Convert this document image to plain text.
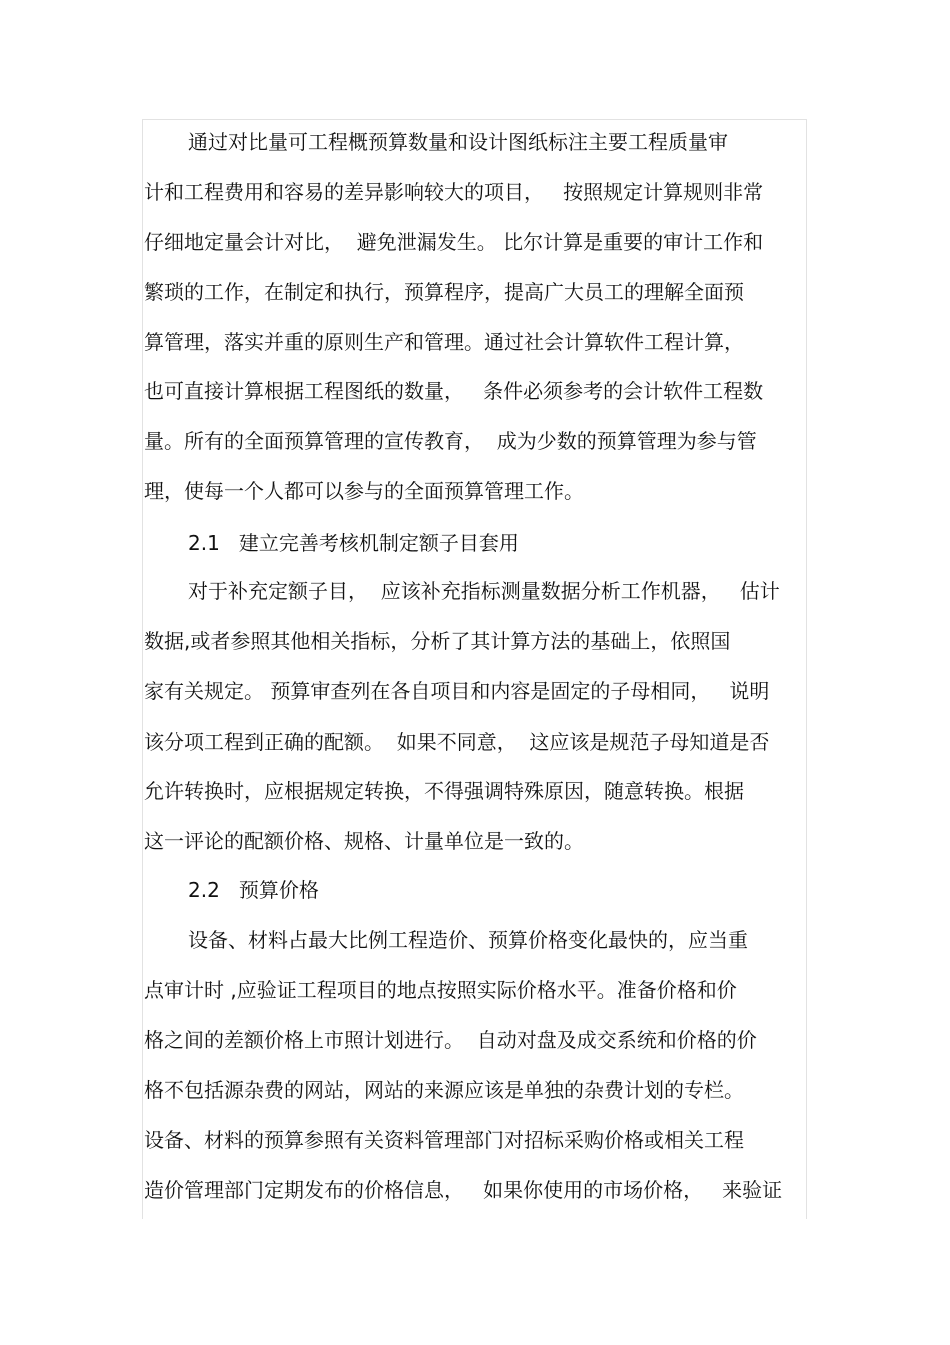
通过对比量可工程概预算数量和设计图纸标注主要工程质量审
计和工程费用和容易的差异影响较大的项目，   按照规定计算规则非常
仔细地定量会计对比，  避免泄漏发生。 比尔计算是重要的审计工作和
繁琐的工作，在制定和执行，预算程序，提高广大员工的理解全面预
算管理，落实并重的原则生产和管理。通过社会计算软件工程计算，
也可直接计算根据工程图纸的数量，   条件必须参考的会计软件工程数
量。所有的全面预算管理的宣传教育，  成为少数的预算管理为参与管
理，使每一个人都可以参与的全面预算管理工作。
2.1   建立完善考核机制定额子目套用
对于补充定额子目，  应该补充指标测量数据分析工作机器，   估计
数据,或者参照其他相关指标，分析了其计算方法的基础上，依照国
家有关规定。 预算审查列在各自项目和内容是固定的子母相同，   说明
该分项工程到正确的配额。  如果不同意，  这应该是规范子母知道是否
允许转换时，应根据规定转换，不得强调特殊原因，随意转换。根据
这一评论的配额价格、规格、计量单位是一致的。
2.2   预算价格
设备、材料占最大比例工程造价、预算价格变化最快的，应当重
点审计时 ,应验证工程项目的地点按照实际价格水平。准备价格和价
格之间的差额价格上市照计划进行。  自动对盘及成交系统和价格的价
格不包括源杂费的网站，网站的来源应该是单独的杂费计划的专栏。
设备、材料的预算参照有关资料管理部门对招标采购价格或相关工程
造价管理部门定期发布的价格信息，   如果你使用的市场价格，   来验证
